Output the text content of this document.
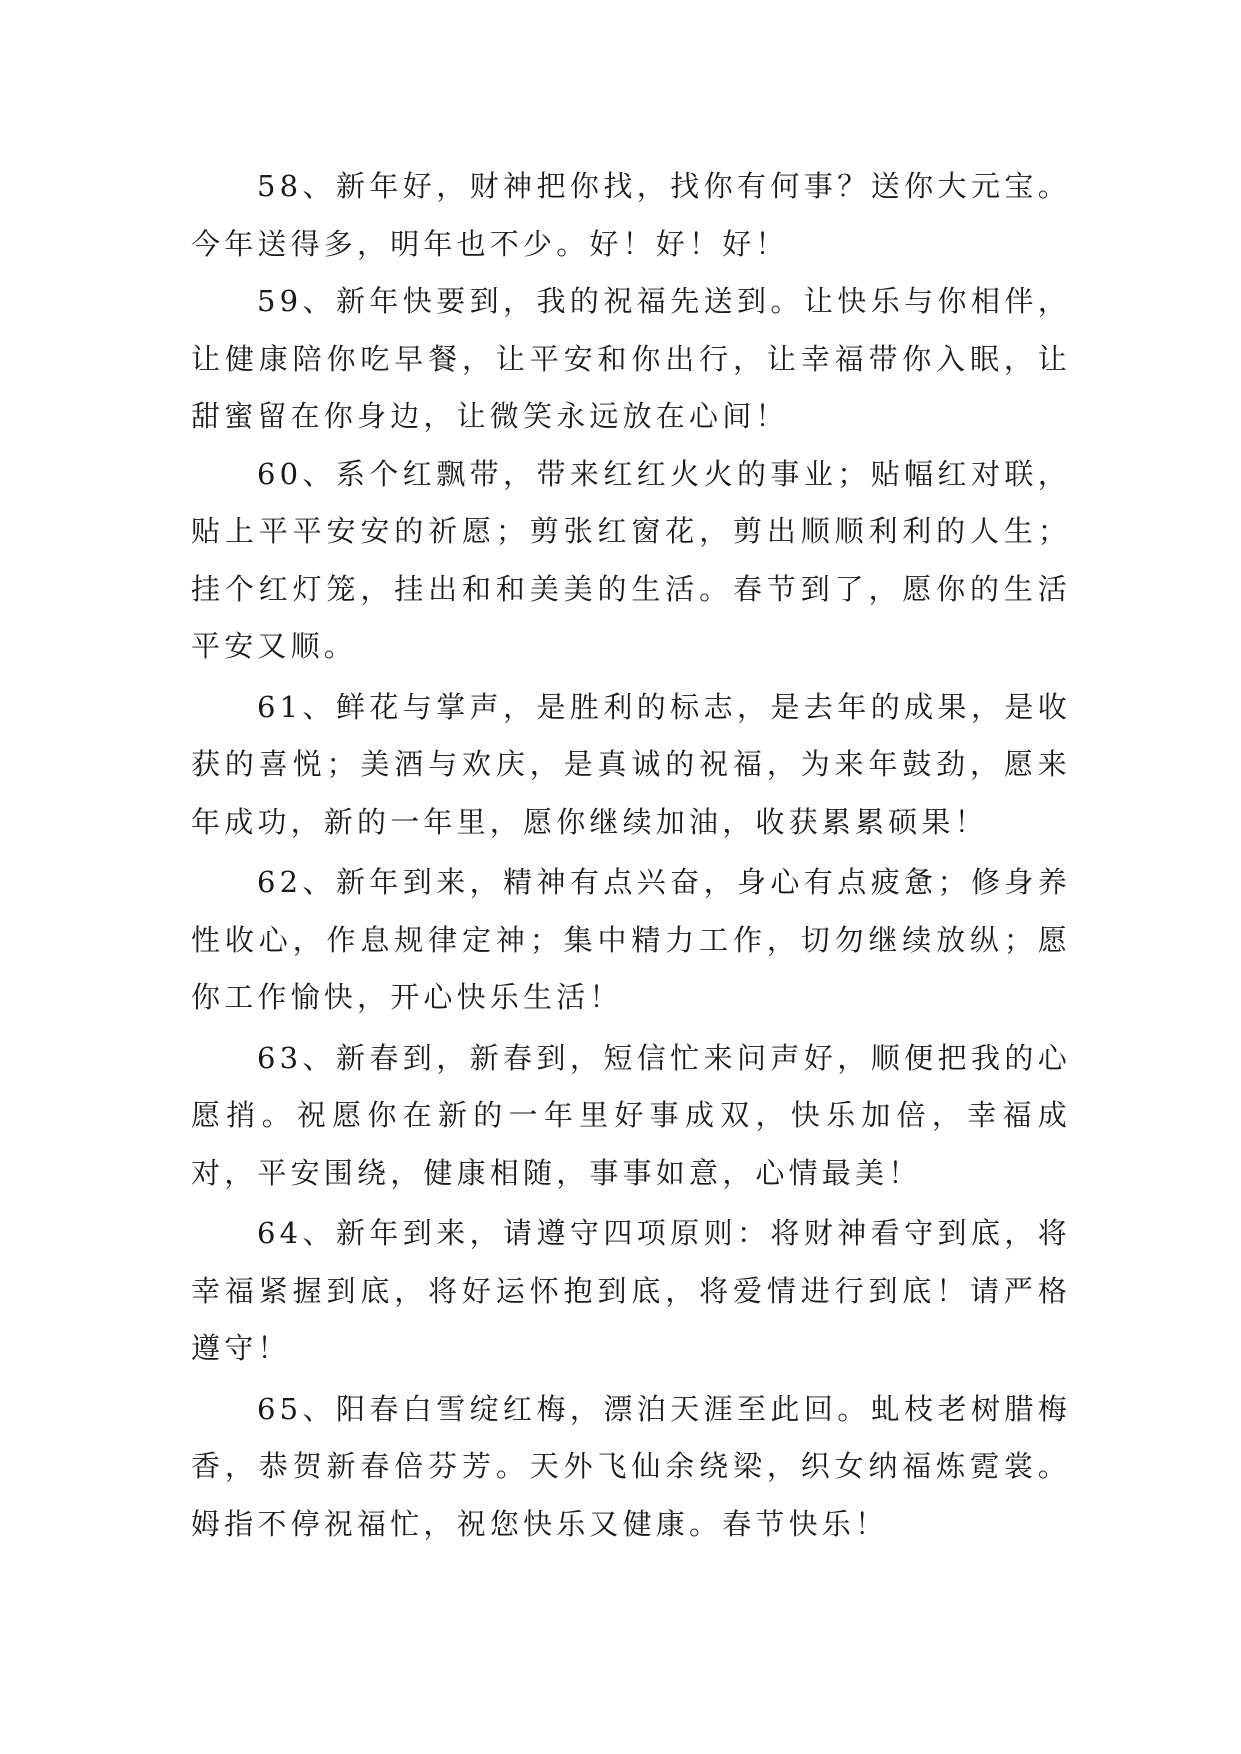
58、新年好，财神把你找，找你有何事？送你大元宝。今年送得多，明年也不少。好！好！好！

59、新年快要到，我的祝福先送到。让快乐与你相伴，让健康陪你吃早餐，让平安和你出行，让幸福带你入眠，让甜蜜留在你身边，让微笑永远放在心间！

60、系个红飘带，带来红红火火的事业；贴幅红对联，贴上平平安安的祈愿；剪张红窗花，剪出顺顺利利的人生；挂个红灯笼，挂出和和美美的生活。春节到了，愿你的生活平安又顺。

61、鲜花与掌声，是胜利的标志，是去年的成果，是收获的喜悦；美酒与欢庆，是真诚的祝福，为来年鼓劲，愿来年成功，新的一年里，愿你继续加油，收获累累硕果！

62、新年到来，精神有点兴奋，身心有点疲惫；修身养性收心，作息规律定神；集中精力工作，切勿继续放纵；愿你工作愉快，开心快乐生活！

63、新春到，新春到，短信忙来问声好，顺便把我的心愿捎。祝愿你在新的一年里好事成双，快乐加倍，幸福成对，平安围绕，健康相随，事事如意，心情最美！

64、新年到来，请遵守四项原则：将财神看守到底，将幸福紧握到底，将好运怀抱到底，将爱情进行到底！请严格遵守！

65、阳春白雪绽红梅，漂泊天涯至此回。虬枝老树腊梅香，恭贺新春倍芬芳。天外飞仙余绕梁，织女纳福炼霓裳。姆指不停祝福忙，祝您快乐又健康。春节快乐！
